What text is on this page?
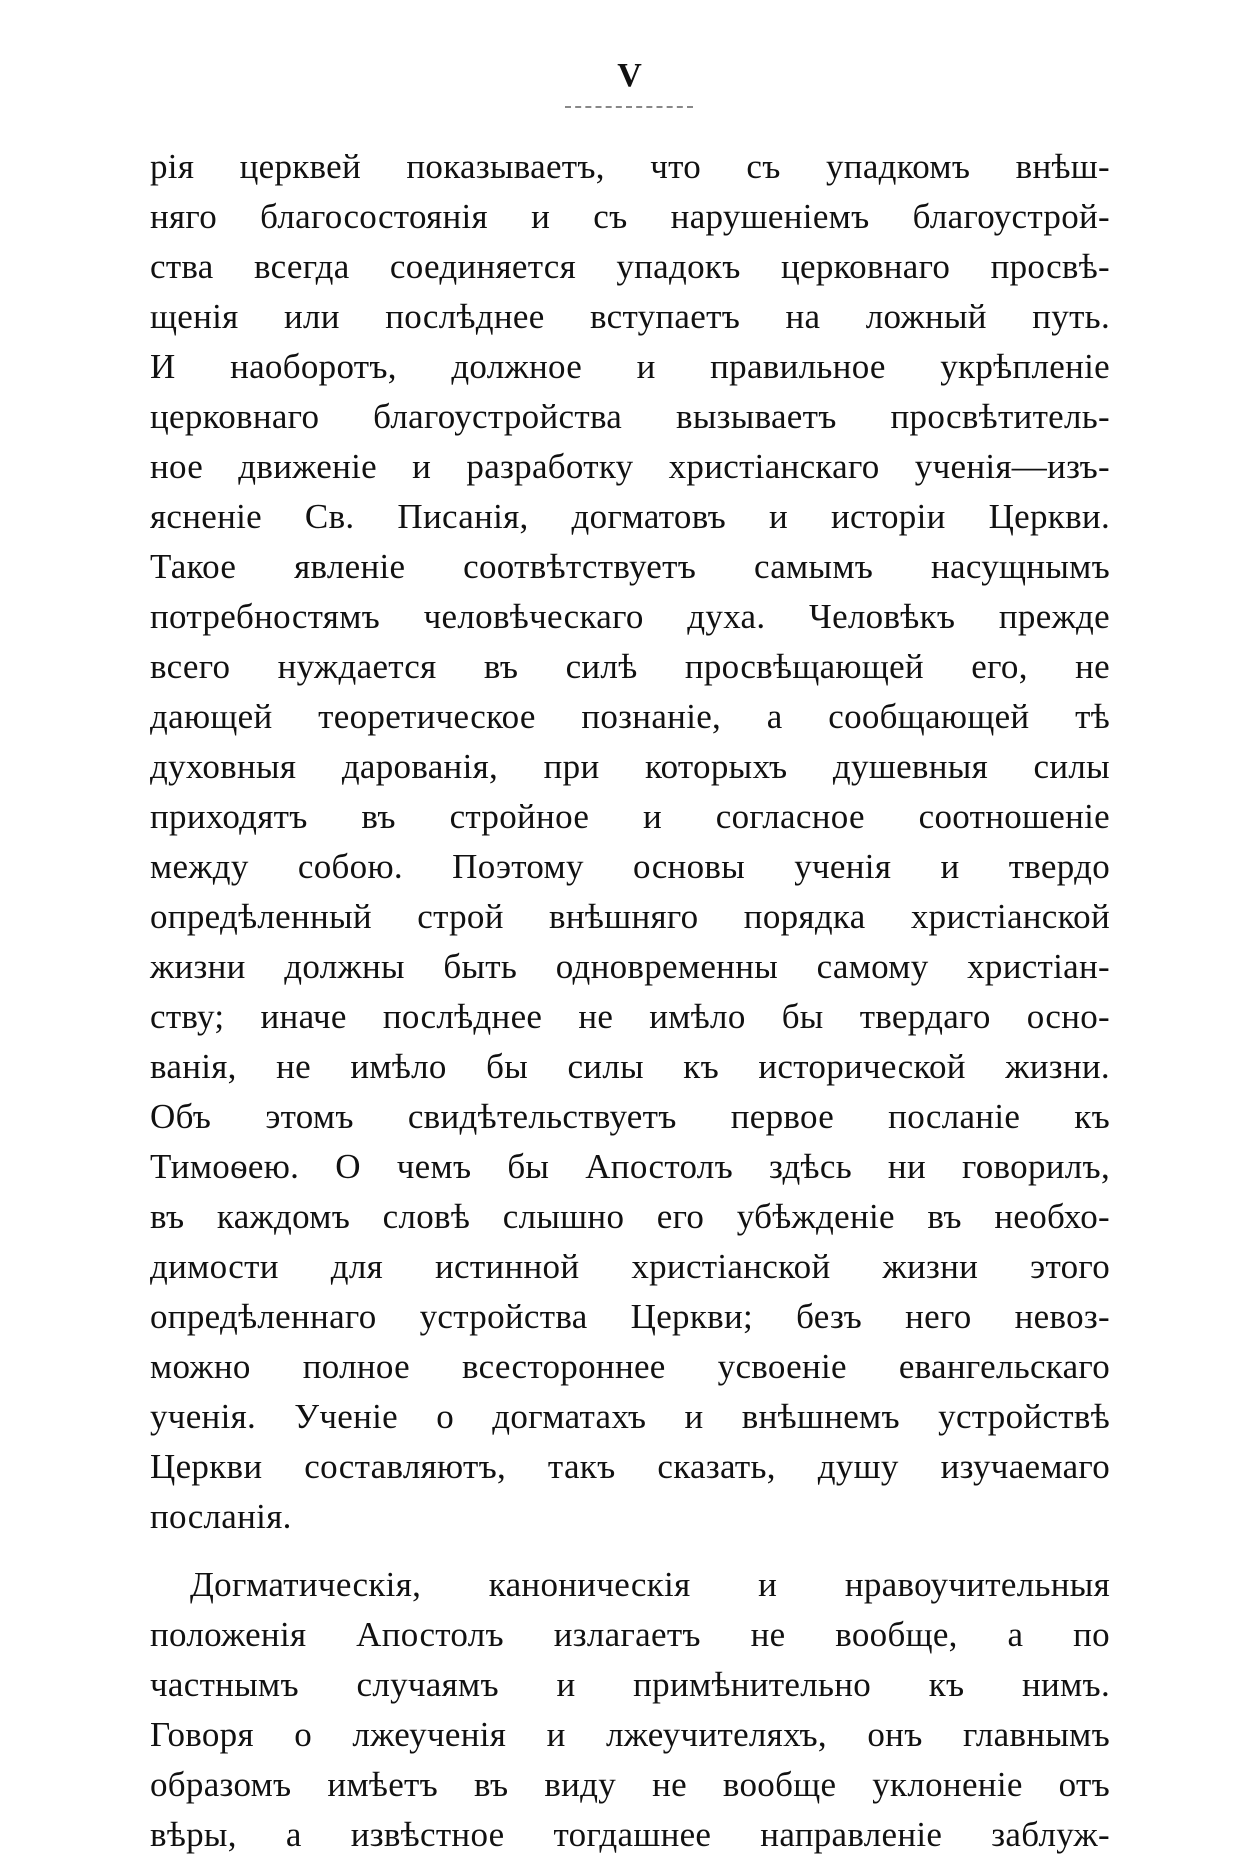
V
рія церквей показываетъ, что съ упадкомъ внѣш-
няго благосостоянія и съ нарушеніемъ благоустрой-
ства всегда соединяется упадокъ церковнаго просвѣ-
щенія или послѣднее вступаетъ на ложный путь.
И наоборотъ, должное и правильное укрѣпленіе
церковнаго благоустройства вызываетъ просвѣтитель-
ное движеніе и разработку христіанскаго ученія—изъ-
ясненіе Св. Писанія, догматовъ и исторіи Церкви.
Такое явленіе соотвѣтствуетъ самымъ насущнымъ
потребностямъ человѣческаго духа. Человѣкъ прежде
всего нуждается въ силѣ просвѣщающей его, не
дающей теоретическое познаніе, а сообщающей тѣ
духовныя дарованія, при которыхъ душевныя силы
приходятъ въ стройное и согласное соотношеніе
между собою. Поэтому основы ученія и твердо
опредѣленный строй внѣшняго порядка христіанской
жизни должны быть одновременны самому христіан-
ству; иначе послѣднее не имѣло бы твердаго осно-
ванія, не имѣло бы силы къ исторической жизни.
Объ этомъ свидѣтельствуетъ первое посланіе къ
Тимоѳею. О чемъ бы Апостолъ здѣсь ни говорилъ,
въ каждомъ словѣ слышно его убѣжденіе въ необхо-
димости для истинной христіанской жизни этого
опредѣленнаго устройства Церкви; безъ него невоз-
можно полное всестороннее усвоеніе евангельскаго
ученія. Ученіе о догматахъ и внѣшнемъ устройствѣ
Церкви составляютъ, такъ сказать, душу изучаемаго
посланія.
Догматическія, каноническія и нравоучительныя
положенія Апостолъ излагаетъ не вообще, а по
частнымъ случаямъ и примѣнительно къ нимъ.
Говоря о лжеученія и лжеучителяхъ, онъ главнымъ
образомъ имѣетъ въ виду не вообще уклоненіе отъ
вѣры, а извѣстное тогдашнее направленіе заблуж-
